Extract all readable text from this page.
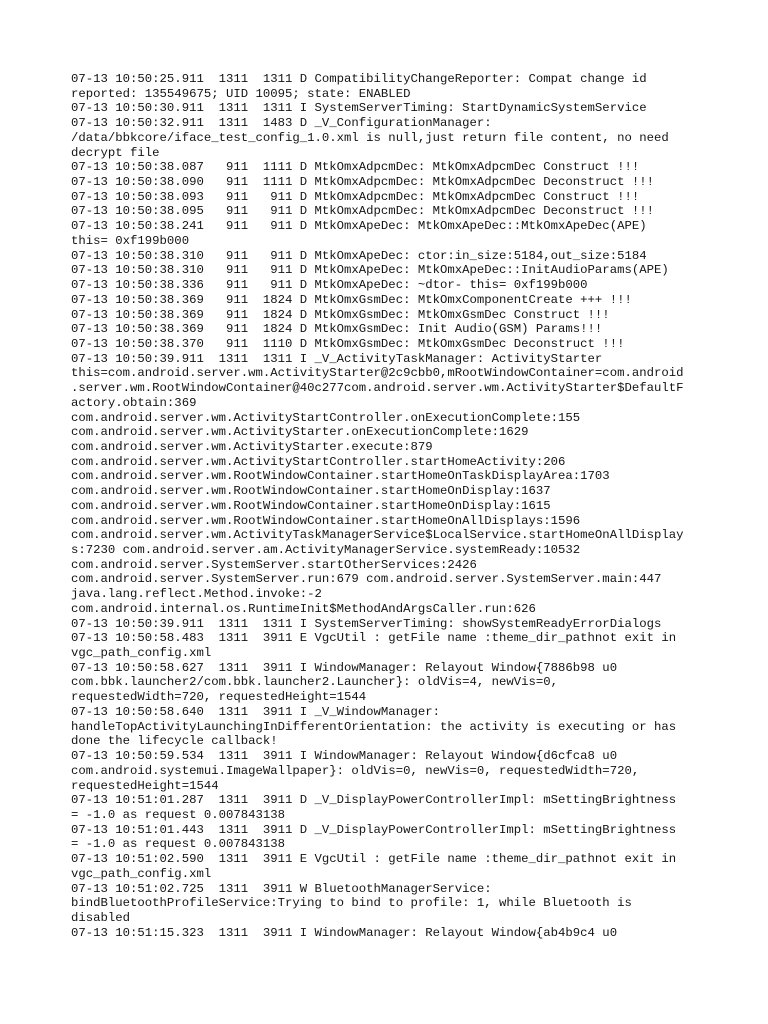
07-13 10:50:25.911  1311  1311 D CompatibilityChangeReporter: Compat change id
reported: 135549675; UID 10095; state: ENABLED
07-13 10:50:30.911  1311  1311 I SystemServerTiming: StartDynamicSystemService
07-13 10:50:32.911  1311  1483 D _V_ConfigurationManager:
/data/bbkcore/iface_test_config_1.0.xml is null,just return file content, no need
decrypt file
07-13 10:50:38.087   911  1111 D MtkOmxAdpcmDec: MtkOmxAdpcmDec Construct !!!
07-13 10:50:38.090   911  1111 D MtkOmxAdpcmDec: MtkOmxAdpcmDec Deconstruct !!!
07-13 10:50:38.093   911   911 D MtkOmxAdpcmDec: MtkOmxAdpcmDec Construct !!!
07-13 10:50:38.095   911   911 D MtkOmxAdpcmDec: MtkOmxAdpcmDec Deconstruct !!!
07-13 10:50:38.241   911   911 D MtkOmxApeDec: MtkOmxApeDec::MtkOmxApeDec(APE)
this= 0xf199b000
07-13 10:50:38.310   911   911 D MtkOmxApeDec: ctor:in_size:5184,out_size:5184
07-13 10:50:38.310   911   911 D MtkOmxApeDec: MtkOmxApeDec::InitAudioParams(APE)
07-13 10:50:38.336   911   911 D MtkOmxApeDec: ~dtor- this= 0xf199b000
07-13 10:50:38.369   911  1824 D MtkOmxGsmDec: MtkOmxComponentCreate +++ !!!
07-13 10:50:38.369   911  1824 D MtkOmxGsmDec: MtkOmxGsmDec Construct !!!
07-13 10:50:38.369   911  1824 D MtkOmxGsmDec: Init Audio(GSM) Params!!!
07-13 10:50:38.370   911  1110 D MtkOmxGsmDec: MtkOmxGsmDec Deconstruct !!!
07-13 10:50:39.911  1311  1311 I _V_ActivityTaskManager: ActivityStarter
this=com.android.server.wm.ActivityStarter@2c9cbb0,mRootWindowContainer=com.android
.server.wm.RootWindowContainer@40c277com.android.server.wm.ActivityStarter$DefaultF
actory.obtain:369
com.android.server.wm.ActivityStartController.onExecutionComplete:155
com.android.server.wm.ActivityStarter.onExecutionComplete:1629
com.android.server.wm.ActivityStarter.execute:879
com.android.server.wm.ActivityStartController.startHomeActivity:206
com.android.server.wm.RootWindowContainer.startHomeOnTaskDisplayArea:1703
com.android.server.wm.RootWindowContainer.startHomeOnDisplay:1637
com.android.server.wm.RootWindowContainer.startHomeOnDisplay:1615
com.android.server.wm.RootWindowContainer.startHomeOnAllDisplays:1596
com.android.server.wm.ActivityTaskManagerService$LocalService.startHomeOnAllDisplay
s:7230 com.android.server.am.ActivityManagerService.systemReady:10532
com.android.server.SystemServer.startOtherServices:2426
com.android.server.SystemServer.run:679 com.android.server.SystemServer.main:447
java.lang.reflect.Method.invoke:-2
com.android.internal.os.RuntimeInit$MethodAndArgsCaller.run:626
07-13 10:50:39.911  1311  1311 I SystemServerTiming: showSystemReadyErrorDialogs
07-13 10:50:58.483  1311  3911 E VgcUtil : getFile name :theme_dir_pathnot exit in
vgc_path_config.xml
07-13 10:50:58.627  1311  3911 I WindowManager: Relayout Window{7886b98 u0
com.bbk.launcher2/com.bbk.launcher2.Launcher}: oldVis=4, newVis=0,
requestedWidth=720, requestedHeight=1544
07-13 10:50:58.640  1311  3911 I _V_WindowManager:
handleTopActivityLaunchingInDifferentOrientation: the activity is executing or has
done the lifecycle callback!
07-13 10:50:59.534  1311  3911 I WindowManager: Relayout Window{d6cfca8 u0
com.android.systemui.ImageWallpaper}: oldVis=0, newVis=0, requestedWidth=720,
requestedHeight=1544
07-13 10:51:01.287  1311  3911 D _V_DisplayPowerControllerImpl: mSettingBrightness
= -1.0 as request 0.007843138
07-13 10:51:01.443  1311  3911 D _V_DisplayPowerControllerImpl: mSettingBrightness
= -1.0 as request 0.007843138
07-13 10:51:02.590  1311  3911 E VgcUtil : getFile name :theme_dir_pathnot exit in
vgc_path_config.xml
07-13 10:51:02.725  1311  3911 W BluetoothManagerService:
bindBluetoothProfileService:Trying to bind to profile: 1, while Bluetooth is
disabled
07-13 10:51:15.323  1311  3911 I WindowManager: Relayout Window{ab4b9c4 u0
